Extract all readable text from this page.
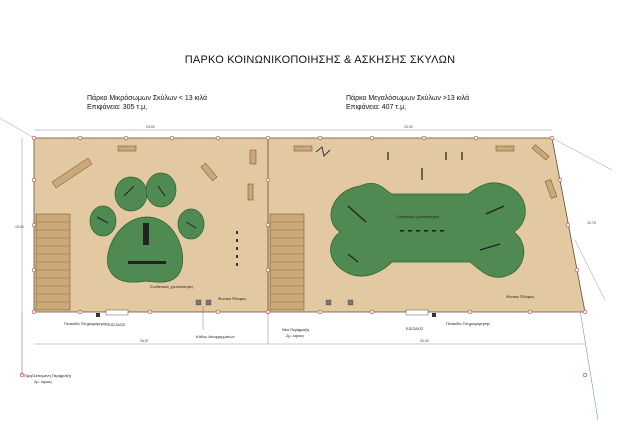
ΠΑΡΚΟ ΚΟΙΝΩΝΙΚΟΠΟΙΗΣΗΣ & ΑΣΚΗΣΗΣ ΣΚΥΛΩΝ
Πάρκο Μικρόσωμων Σκύλων < 13 κιλά
Επιφάνεια: 305 τ.μ,
Πάρκο Μεγαλόσωμων Σκύλων >13 κιλά
Επιφάνεια: 407 τ.μ,
23.00	23.00
26.57	30.00
15.00
15.75
Συνθετικός χλοοτάπητας
Φυσικό Έδαφος
Συνθετικός χλοοτάπητας
Φυσικό Έδαφος
ΕΙΣΟΔΟΣ
ΕΙΣΟΔΟΣ
Πινακίδα Πληροφόρησης	Πινακίδα Πληροφόρησης
Κάδος Απορριμμάτων
Νέα Περίφραξη
2μ. ύψους
Προβλεπόμενη Περίφραξη
2μ. ύψους
